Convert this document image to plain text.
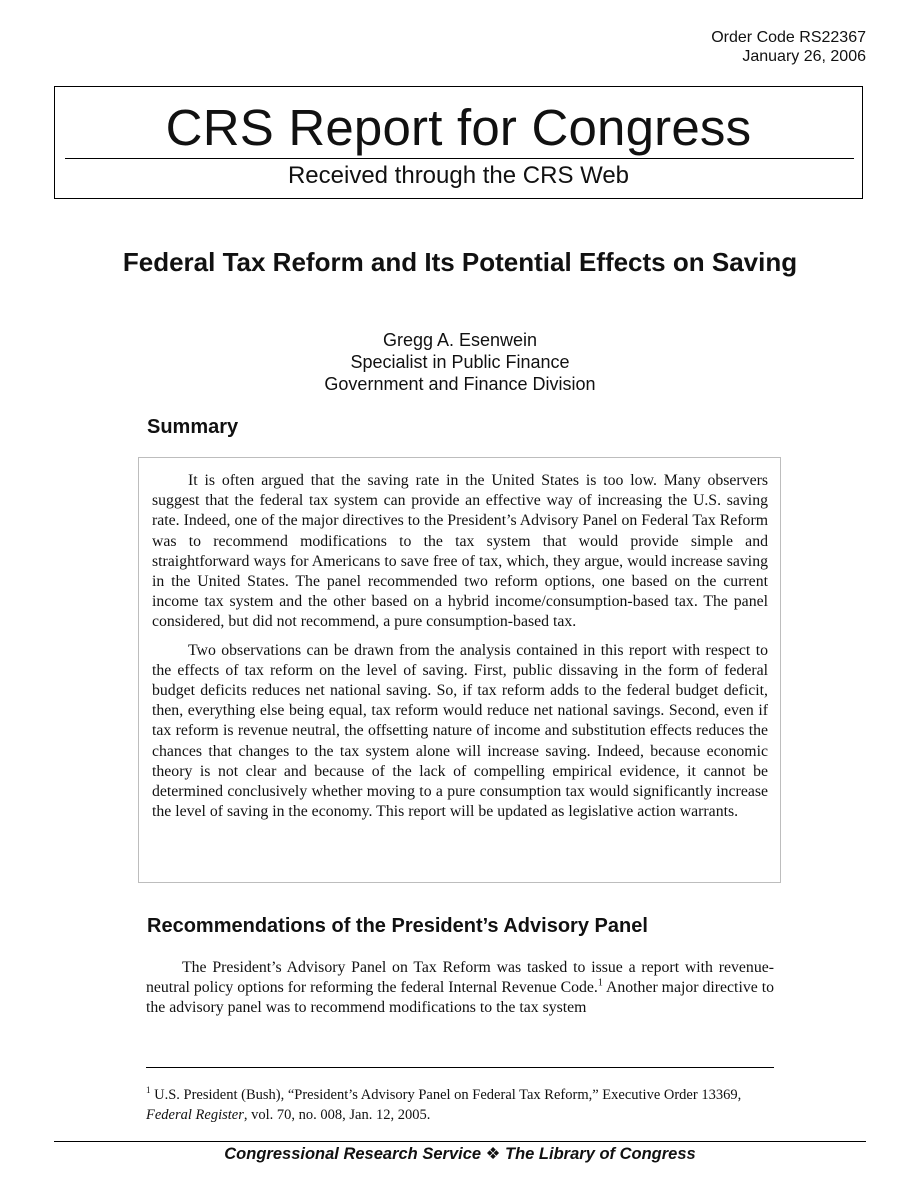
Order Code RS22367
January 26, 2006
CRS Report for Congress
Received through the CRS Web
Federal Tax Reform and Its Potential Effects on Saving
Gregg A. Esenwein
Specialist in Public Finance
Government and Finance Division
Summary

It is often argued that the saving rate in the United States is too low. Many observers suggest that the federal tax system can provide an effective way of increasing the U.S. saving rate. Indeed, one of the major directives to the President’s Advisory Panel on Federal Tax Reform was to recommend modifications to the tax system that would provide simple and straightforward ways for Americans to save free of tax, which, they argue, would increase saving in the United States. The panel recommended two reform options, one based on the current income tax system and the other based on a hybrid income/consumption-based tax. The panel considered, but did not recommend, a pure consumption-based tax.

Two observations can be drawn from the analysis contained in this report with respect to the effects of tax reform on the level of saving. First, public dissaving in the form of federal budget deficits reduces net national saving. So, if tax reform adds to the federal budget deficit, then, everything else being equal, tax reform would reduce net national savings. Second, even if tax reform is revenue neutral, the offsetting nature of income and substitution effects reduces the chances that changes to the tax system alone will increase saving. Indeed, because economic theory is not clear and because of the lack of compelling empirical evidence, it cannot be determined conclusively whether moving to a pure consumption tax would significantly increase the level of saving in the economy. This report will be updated as legislative action warrants.

Recommendations of the President’s Advisory Panel
The President’s Advisory Panel on Tax Reform was tasked to issue a report with revenue-neutral policy options for reforming the federal Internal Revenue Code.$^1$ Another major directive to the advisory panel was to recommend modifications to the tax system
$^1$ U.S. President (Bush), “President’s Advisory Panel on Federal Tax Reform,” Executive Order 13369, Federal Register, vol. 70, no. 008, Jan. 12, 2005.
Congressional Research Service ❖ The Library of Congress
